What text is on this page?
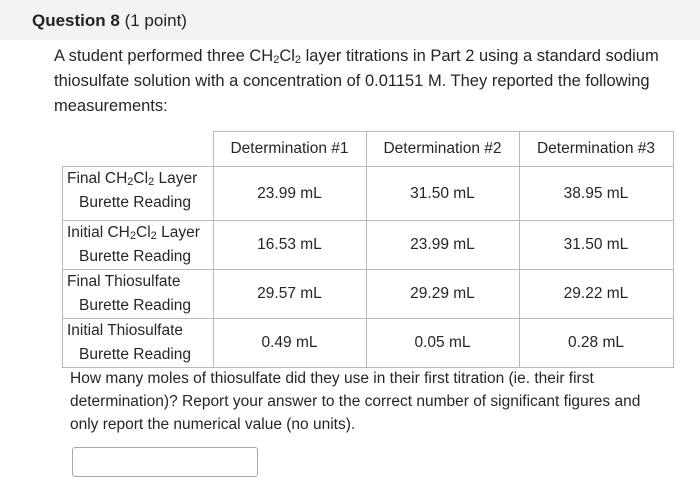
Question 8 (1 point)
A student performed three $CH_2Cl_2$ layer titrations in Part 2 using a standard sodium thiosulfate solution with a concentration of 0.01151 M. They reported the following measurements:
	Determination #1	Determination #2	Determination #3
Final $CH_2Cl_2$ Layer
Burette Reading	23.99 mL	31.50 mL	38.95 mL
Initial $CH_2Cl_2$ Layer
Burette Reading	16.53 mL	23.99 mL	31.50 mL
Final Thiosulfate
Burette Reading	29.57 mL	29.29 mL	29.22 mL
Initial Thiosulfate
Burette Reading	0.49 mL	0.05 mL	0.28 mL
How many moles of thiosulfate did they use in their first titration (ie. their first determination)? Report your answer to the correct number of significant figures and only report the numerical value (no units).
